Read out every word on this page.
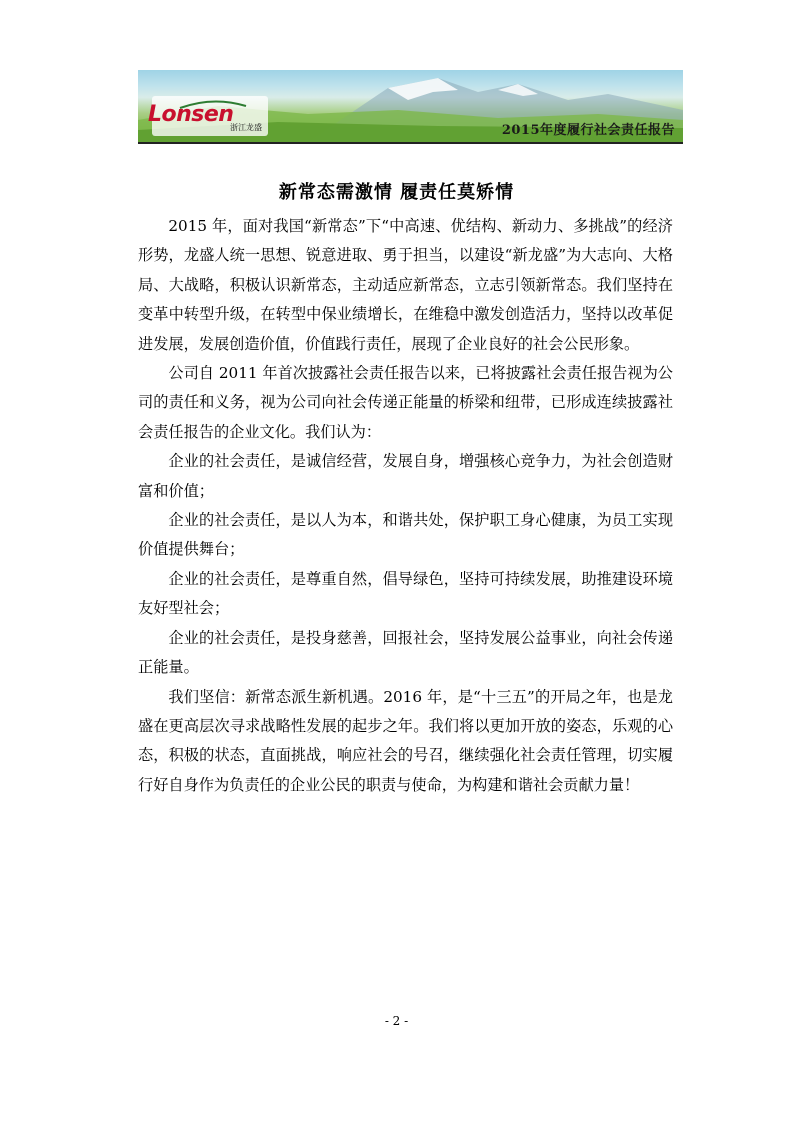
Lonsen
浙江龙盛	2015年度履行社会责任报告
新常态需激情 履责任莫矫情

2015 年，面对我国“新常态”下“中高速、优结构、新动力、多挑战”的经济形势，龙盛人统一思想、锐意进取、勇于担当，以建设“新龙盛”为大志向、大格局、大战略，积极认识新常态，主动适应新常态，立志引领新常态。我们坚持在变革中转型升级，在转型中保业绩增长，在维稳中激发创造活力，坚持以改革促进发展，发展创造价值，价值践行责任，展现了企业良好的社会公民形象。

公司自 2011 年首次披露社会责任报告以来，已将披露社会责任报告视为公司的责任和义务，视为公司向社会传递正能量的桥梁和纽带，已形成连续披露社会责任报告的企业文化。我们认为：

企业的社会责任，是诚信经营，发展自身，增强核心竞争力，为社会创造财富和价值；

企业的社会责任，是以人为本，和谐共处，保护职工身心健康，为员工实现价值提供舞台；

企业的社会责任，是尊重自然，倡导绿色，坚持可持续发展，助推建设环境友好型社会；

企业的社会责任，是投身慈善，回报社会，坚持发展公益事业，向社会传递正能量。

我们坚信：新常态派生新机遇。2016 年，是“十三五”的开局之年，也是龙盛在更高层次寻求战略性发展的起步之年。我们将以更加开放的姿态，乐观的心态，积极的状态，直面挑战，响应社会的号召，继续强化社会责任管理，切实履行好自身作为负责任的企业公民的职责与使命，为构建和谐社会贡献力量！

- 2 -
